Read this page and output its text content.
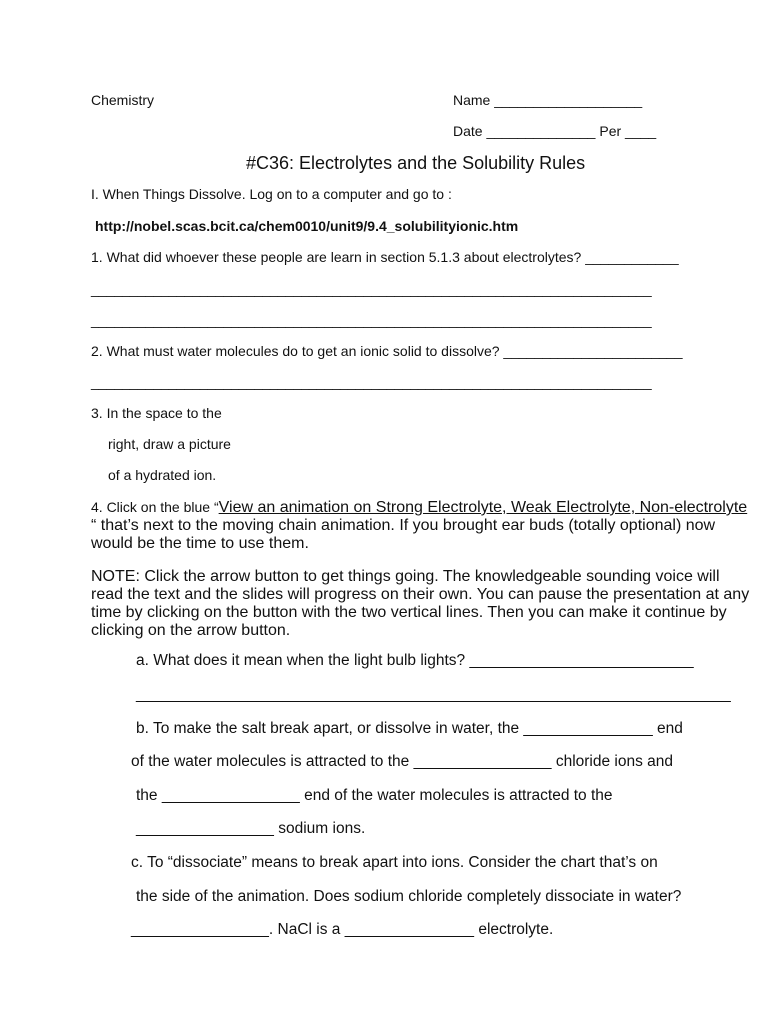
Chemistry	Name ___________________
Date ______________ Per ____
#C36: Electrolytes and the Solubility Rules
I. When Things Dissolve. Log on to a computer and go to :
http://nobel.scas.bcit.ca/chem0010/unit9/9.4_solubilityionic.htm
1. What did whoever these people are learn in section 5.1.3 about electrolytes? ____________
________________________________________________________________________
________________________________________________________________________
2. What must water molecules do to get an ionic solid to dissolve? _______________________
________________________________________________________________________
3. In the space to the
right, draw a picture
of a hydrated ion.
4. Click on the blue “View an animation on Strong Electrolyte, Weak Electrolyte, Non-electrolyte “ that’s next to the moving chain animation. If you brought ear buds (totally optional) now would be the time to use them.
NOTE: Click the arrow button to get things going. The knowledgeable sounding voice will read the text and the slides will progress on their own. You can pause the presentation at any time by clicking on the button with the two vertical lines. Then you can make it continue by clicking on the arrow button.
a. What does it mean when the light bulb lights? __________________________
_____________________________________________________________________
b. To make the salt break apart, or dissolve in water, the _______________ end
of the water molecules is attracted to the ________________ chloride ions and
the ________________ end of the water molecules is attracted to the
________________ sodium ions.
c. To “dissociate” means to break apart into ions. Consider the chart that’s on
the side of the animation. Does sodium chloride completely dissociate in water?
________________. NaCl is a _______________ electrolyte.
